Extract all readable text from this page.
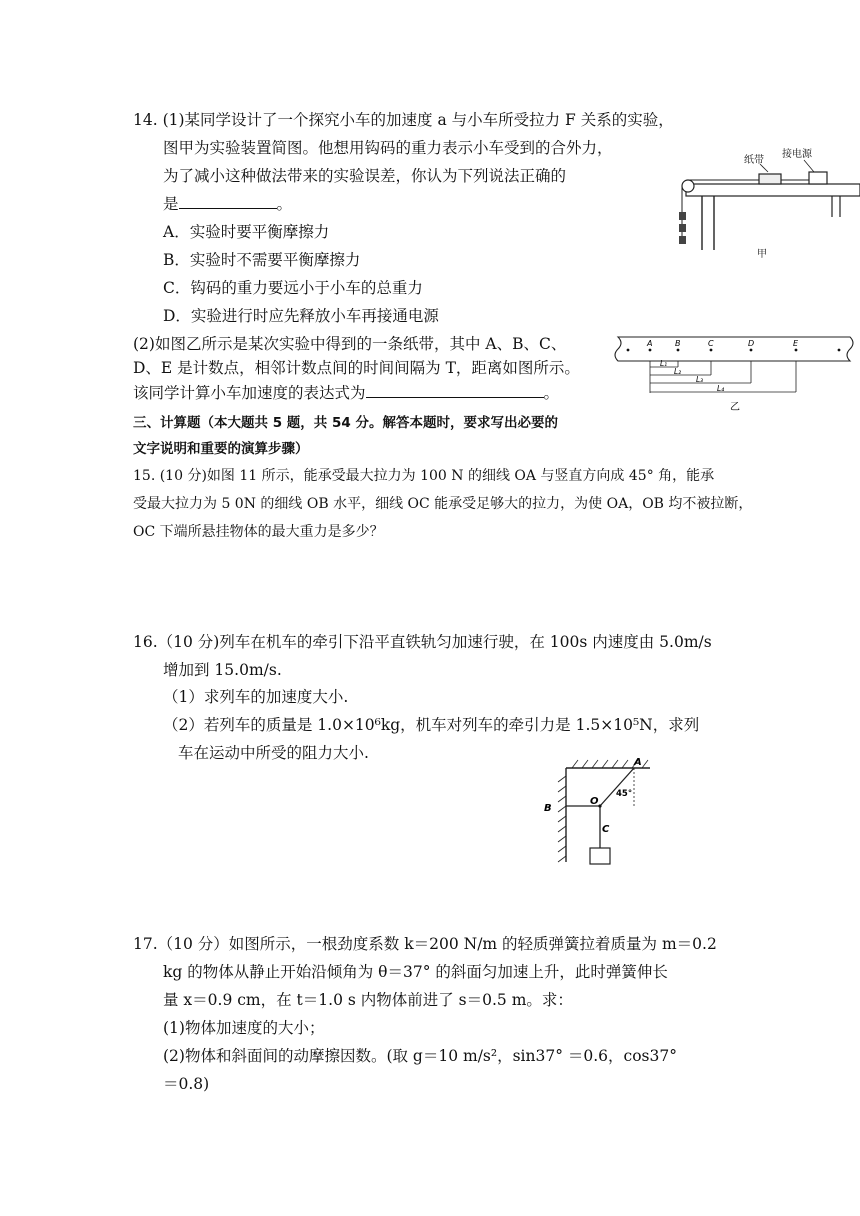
14. (1)某同学设计了一个探究小车的加速度 a 与小车所受拉力 F 关系的实验，
图甲为实验装置简图。他想用钩码的重力表示小车受到的合外力，
为了减小这种做法带来的实验误差，你认为下列说法正确的
是	。
A．实验时要平衡摩擦力
B．实验时不需要平衡摩擦力
C．钩码的重力要远小于小车的总重力
D．实验进行时应先释放小车再接通电源
(2)如图乙所示是某次实验中得到的一条纸带，其中 A、B、C、
D、E 是计数点，相邻计数点间的时间间隔为 T，距离如图所示。
该同学计算小车加速度的表达式为	。
纸带
接电源
甲
A	B	C	D	E
L₁
L₂
L₃
L₄
乙
三、计算题（本大题共 5 题，共 54 分。解答本题时，要求写出必要的
文字说明和重要的演算步骤）
15. (10 分)如图 11 所示，能承受最大拉力为 100 N 的细线 OA 与竖直方向成 45° 角，能承
受最大拉力为 5 0N 的细线 OB 水平，细线 OC 能承受足够大的拉力，为使 OA，OB 均不被拉断，
OC 下端所悬挂物体的最大重力是多少？
16.（10 分)列车在机车的牵引下沿平直铁轨匀加速行驶，在 100s 内速度由 5.0m/s
增加到 15.0m/s.
（1）求列车的加速度大小.
（2）若列车的质量是 1.0×10⁶kg，机车对列车的牵引力是 1.5×10⁵N，求列
车在运动中所受的阻力大小.
A
B
O
C
45°
17.（10 分）如图所示，一根劲度系数 k＝200 N/m 的轻质弹簧拉着质量为 m＝0.2
kg 的物体从静止开始沿倾角为 θ＝37° 的斜面匀加速上升，此时弹簧伸长
量 x＝0.9 cm，在 t＝1.0 s 内物体前进了 s＝0.5 m。求：
(1)物体加速度的大小；
(2)物体和斜面间的动摩擦因数。(取 g＝10 m/s²，sin37° ＝0.6，cos37°
＝0.8)
